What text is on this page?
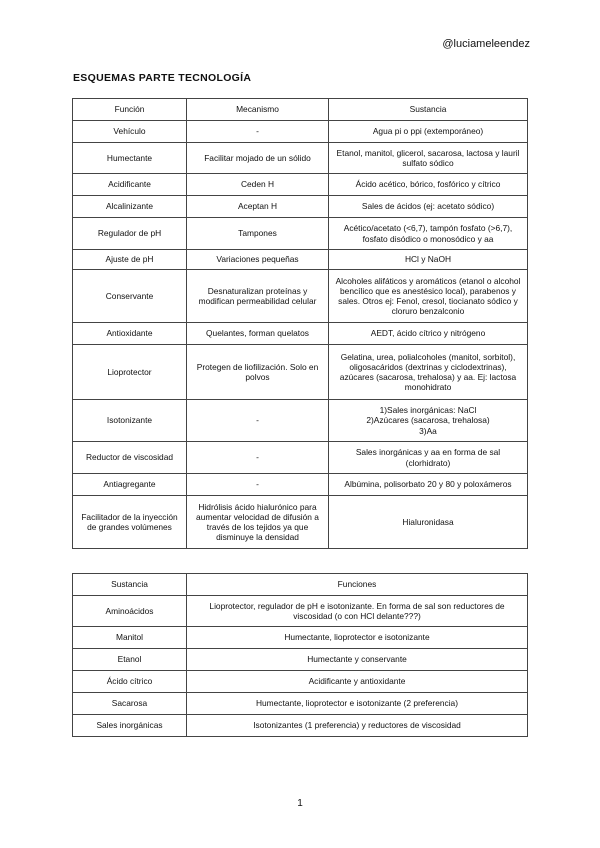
@luciameleendez
ESQUEMAS PARTE TECNOLOGÍA
Función	Mecanismo	Sustancia
Vehículo	-	Agua pi o ppi (extemporáneo)
Humectante	Facilitar mojado de un sólido	Etanol, manitol, glicerol, sacarosa, lactosa y lauril sulfato sódico
Acidificante	Ceden H	Ácido acético, bórico, fosfórico y cítrico
Alcalinizante	Aceptan H	Sales de ácidos (ej: acetato sódico)
Regulador de pH	Tampones	Acético/acetato (<6,7), tampón fosfato (>6,7), fosfato disódico o monosódico y aa
Ajuste de pH	Variaciones pequeñas	HCl y NaOH
Conservante	Desnaturalizan proteínas y modifican permeabilidad celular	Alcoholes alifáticos y aromáticos (etanol o alcohol bencílico que es anestésico local), parabenos y sales. Otros ej: Fenol, cresol, tiocianato sódico y cloruro benzalconio
Antioxidante	Quelantes, forman quelatos	AEDT, ácido cítrico y nitrógeno
Lioprotector	Protegen de liofilización. Solo en polvos	Gelatina, urea, polialcoholes (manitol, sorbitol), oligosacáridos (dextrinas y ciclodextrinas), azúcares (sacarosa, trehalosa) y aa. Ej: lactosa monohidrato
Isotonizante	-	1)Sales inorgánicas: NaCl
2)Azúcares (sacarosa, trehalosa)
3)Aa
Reductor de viscosidad	-	Sales inorgánicas y aa en forma de sal (clorhidrato)
Antiagregante	-	Albúmina, polisorbato 20 y 80 y poloxámeros
Facilitador de la inyección de grandes volúmenes	Hidrólisis ácido hialurónico para aumentar velocidad de difusión a través de los tejidos ya que disminuye la densidad	Hialuronidasa
Sustancia	Funciones
Aminoácidos	Lioprotector, regulador de pH e isotonizante. En forma de sal son reductores de viscosidad (o con HCl delante???)
Manitol	Humectante, lioprotector e isotonizante
Etanol	Humectante y conservante
Ácido cítrico	Acidificante y antioxidante
Sacarosa	Humectante, lioprotector e isotonizante (2 preferencia)
Sales inorgánicas	Isotonizantes (1 preferencia) y reductores de viscosidad
1
